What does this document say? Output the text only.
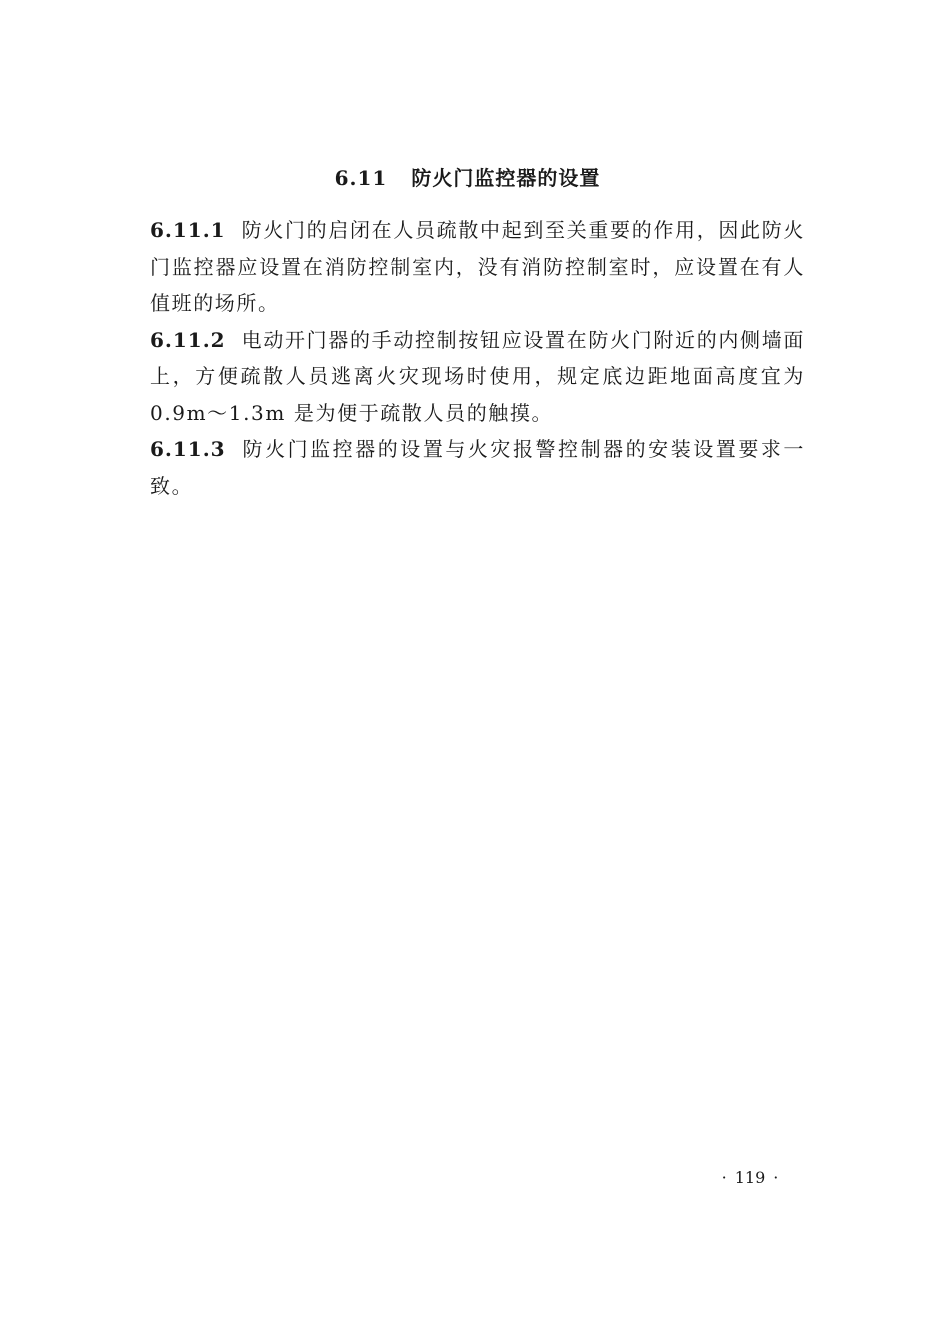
6.11 防火门监控器的设置

6.11.1 防火门的启闭在人员疏散中起到至关重要的作用，因此防火门监控器应设置在消防控制室内，没有消防控制室时，应设置在有人值班的场所。

6.11.2 电动开门器的手动控制按钮应设置在防火门附近的内侧墙面上，方便疏散人员逃离火灾现场时使用，规定底边距地面高度宜为 0.9m～1.3m 是为便于疏散人员的触摸。

6.11.3 防火门监控器的设置与火灾报警控制器的安装设置要求一致。

· 119 ·
